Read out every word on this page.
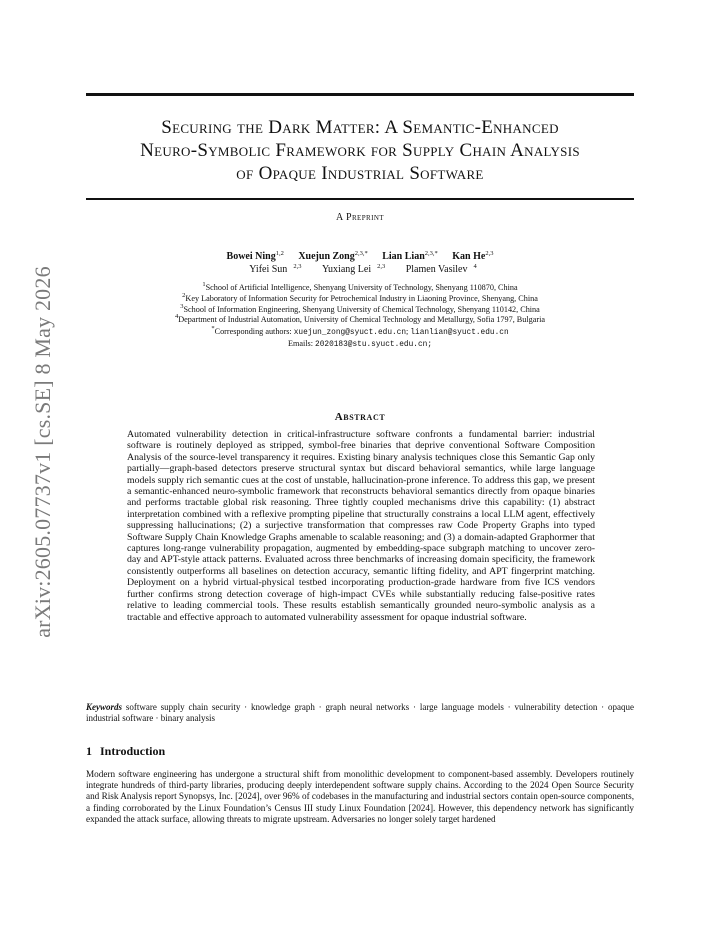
arXiv:2605.07737v1 [cs.SE] 8 May 2026
Securing the Dark Matter: A Semantic-Enhanced
Neuro-Symbolic Framework for Supply Chain Analysis
of Opaque Industrial Software
A Preprint
Bowei Ning$^{1,2}$ Xuejun Zong$^{2,3,*}$ Lian Lian$^{2,3,*}$ Kan He$^{2,3}$
Yifei Sun $^{2,3}$ Yuxiang Lei $^{2,3}$ Plamen Vasilev $^4$
$^1$School of Artificial Intelligence, Shenyang University of Technology, Shenyang 110870, China
$^2$Key Laboratory of Information Security for Petrochemical Industry in Liaoning Province, Shenyang, China
$^3$School of Information Engineering, Shenyang University of Chemical Technology, Shenyang 110142, China
$^4$Department of Industrial Automation, University of Chemical Technology and Metallurgy, Sofia 1797, Bulgaria
*Corresponding authors: xuejun_zong@syuct.edu.cn; lianlian@syuct.edu.cn
Emails: 2020183@stu.syuct.edu.cn;
Abstract
Automated vulnerability detection in critical-infrastructure software confronts a fundamental barrier: industrial software is routinely deployed as stripped, symbol-free binaries that deprive conventional Software Composition Analysis of the source-level transparency it requires. Existing binary analysis techniques close this Semantic Gap only partially—graph-based detectors preserve structural syntax but discard behavioral semantics, while large language models supply rich semantic cues at the cost of unstable, hallucination-prone inference. To address this gap, we present a semantic-enhanced neuro-symbolic framework that reconstructs behavioral semantics directly from opaque binaries and performs tractable global risk reasoning. Three tightly coupled mechanisms drive this capability: (1) abstract interpretation combined with a reflexive prompting pipeline that structurally constrains a local LLM agent, effectively suppressing hallucinations; (2) a surjective transformation that compresses raw Code Property Graphs into typed Software Supply Chain Knowledge Graphs amenable to scalable reasoning; and (3) a domain-adapted Graphormer that captures long-range vulnerability propagation, augmented by embedding-space subgraph matching to uncover zero-day and APT-style attack patterns. Evaluated across three benchmarks of increasing domain specificity, the framework consistently outperforms all baselines on detection accuracy, semantic lifting fidelity, and APT fingerprint matching. Deployment on a hybrid virtual-physical testbed incorporating production-grade hardware from five ICS vendors further confirms strong detection coverage of high-impact CVEs while substantially reducing false-positive rates relative to leading commercial tools. These results establish semantically grounded neuro-symbolic analysis as a tractable and effective approach to automated vulnerability assessment for opaque industrial software.
Keywords software supply chain security · knowledge graph · graph neural networks · large language models · vulnerability detection · opaque industrial software · binary analysis
1 Introduction
Modern software engineering has undergone a structural shift from monolithic development to component-based assembly. Developers routinely integrate hundreds of third-party libraries, producing deeply interdependent software supply chains. According to the 2024 Open Source Security and Risk Analysis report Synopsys, Inc. [2024], over 96% of codebases in the manufacturing and industrial sectors contain open-source components, a finding corroborated by the Linux Foundation’s Census III study Linux Foundation [2024]. However, this dependency network has significantly expanded the attack surface, allowing threats to migrate upstream. Adversaries no longer solely target hardened
